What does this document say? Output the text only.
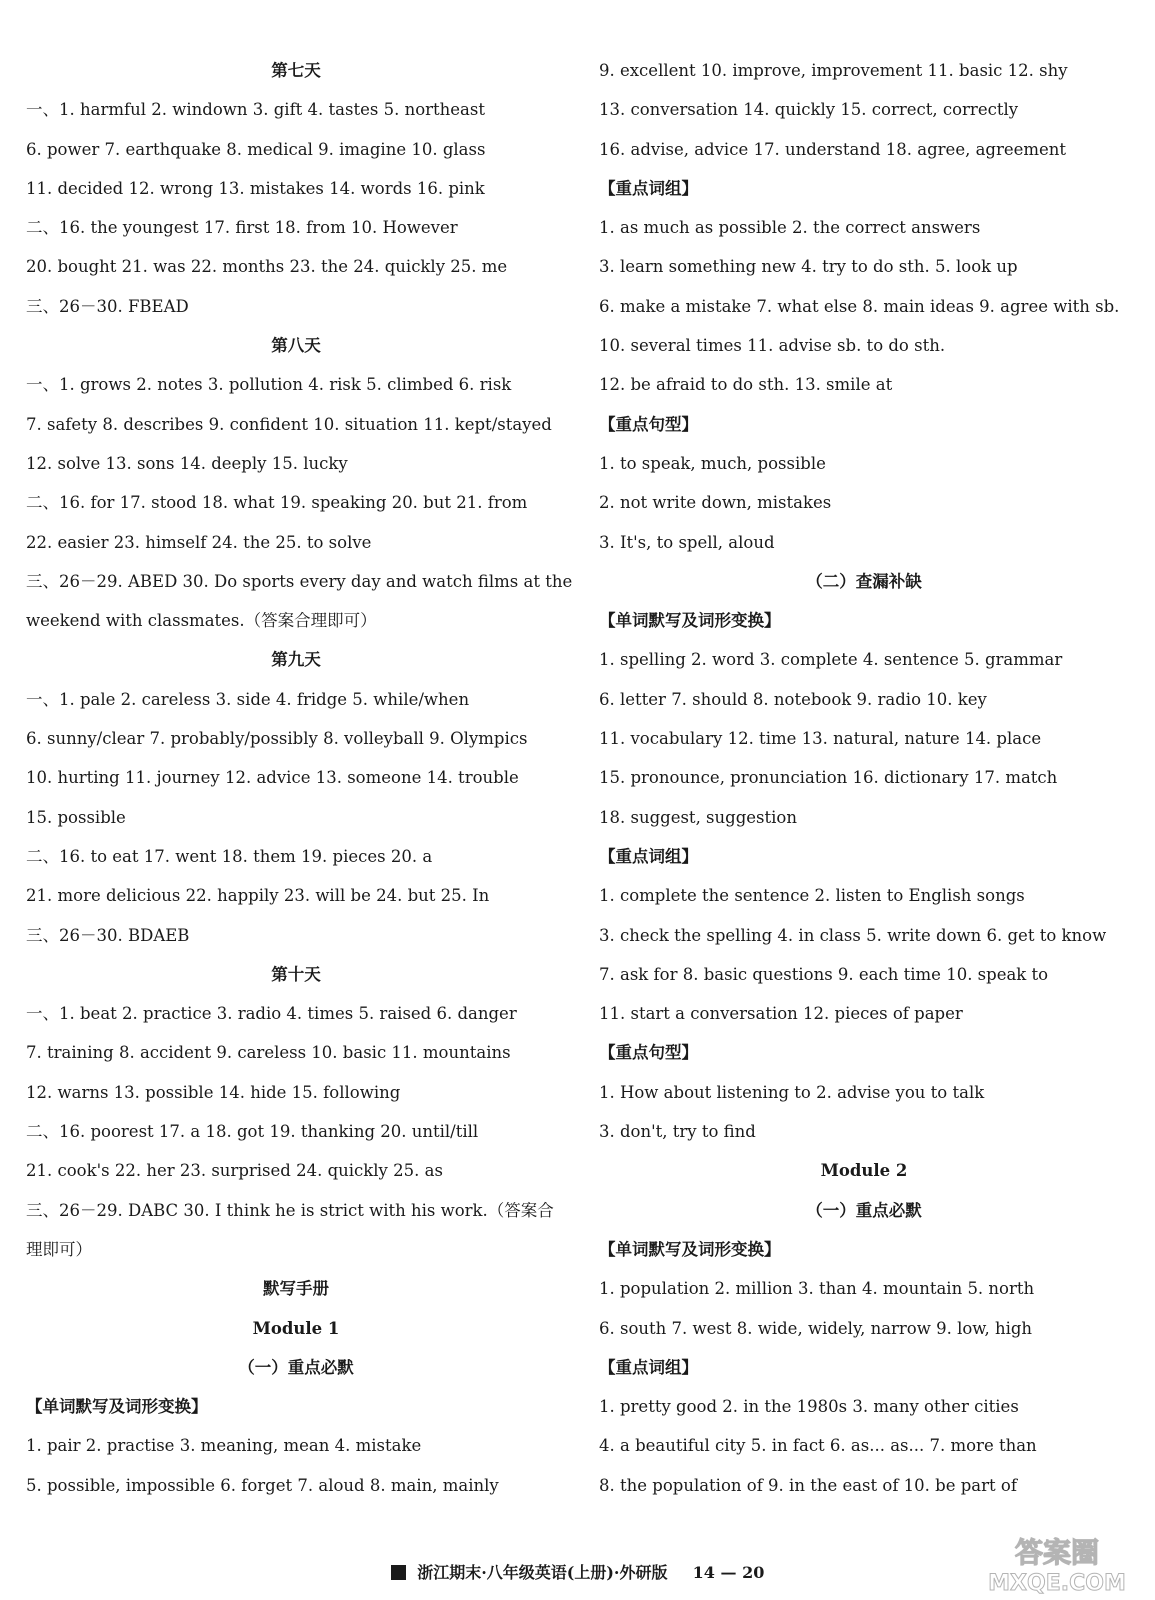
第七天
一、1. harmful 2. windown 3. gift 4. tastes 5. northeast
6. power 7. earthquake 8. medical 9. imagine 10. glass
11. decided 12. wrong 13. mistakes 14. words 16. pink
二、16. the youngest 17. first 18. from 10. However
20. bought 21. was 22. months 23. the 24. quickly 25. me
三、26－30. FBEAD
第八天
一、1. grows 2. notes 3. pollution 4. risk 5. climbed 6. risk
7. safety 8. describes 9. confident 10. situation 11. kept/stayed
12. solve 13. sons 14. deeply 15. lucky
二、16. for 17. stood 18. what 19. speaking 20. but 21. from
22. easier 23. himself 24. the 25. to solve
三、26－29. ABED 30. Do sports every day and watch films at the
weekend with classmates.（答案合理即可）
第九天
一、1. pale 2. careless 3. side 4. fridge 5. while/when
6. sunny/clear 7. probably/possibly 8. volleyball 9. Olympics
10. hurting 11. journey 12. advice 13. someone 14. trouble
15. possible
二、16. to eat 17. went 18. them 19. pieces 20. a
21. more delicious 22. happily 23. will be 24. but 25. In
三、26－30. BDAEB
第十天
一、1. beat 2. practice 3. radio 4. times 5. raised 6. danger
7. training 8. accident 9. careless 10. basic 11. mountains
12. warns 13. possible 14. hide 15. following
二、16. poorest 17. a 18. got 19. thanking 20. until/till
21. cook's 22. her 23. surprised 24. quickly 25. as
三、26－29. DABC 30. I think he is strict with his work.（答案合
理即可）
默写手册
Module 1
（一）重点必默
【单词默写及词形变换】
1. pair 2. practise 3. meaning, mean 4. mistake
5. possible, impossible 6. forget 7. aloud 8. main, mainly
9. excellent 10. improve, improvement 11. basic 12. shy
13. conversation 14. quickly 15. correct, correctly
16. advise, advice 17. understand 18. agree, agreement
【重点词组】
1. as much as possible 2. the correct answers
3. learn something new 4. try to do sth. 5. look up
6. make a mistake 7. what else 8. main ideas 9. agree with sb.
10. several times 11. advise sb. to do sth.
12. be afraid to do sth. 13. smile at
【重点句型】
1. to speak, much, possible
2. not write down, mistakes
3. It's, to spell, aloud
（二）查漏补缺
【单词默写及词形变换】
1. spelling 2. word 3. complete 4. sentence 5. grammar
6. letter 7. should 8. notebook 9. radio 10. key
11. vocabulary 12. time 13. natural, nature 14. place
15. pronounce, pronunciation 16. dictionary 17. match
18. suggest, suggestion
【重点词组】
1. complete the sentence 2. listen to English songs
3. check the spelling 4. in class 5. write down 6. get to know
7. ask for 8. basic questions 9. each time 10. speak to
11. start a conversation 12. pieces of paper
【重点句型】
1. How about listening to 2. advise you to talk
3. don't, try to find
Module 2
（一）重点必默
【单词默写及词形变换】
1. population 2. million 3. than 4. mountain 5. north
6. south 7. west 8. wide, widely, narrow 9. low, high
【重点词组】
1. pretty good 2. in the 1980s 3. many other cities
4. a beautiful city 5. in fact 6. as... as... 7. more than
8. the population of 9. in the east of 10. be part of
浙江期末·八年级英语(上册)·外研版 14 — 20
答案圈
MXQE.COM
